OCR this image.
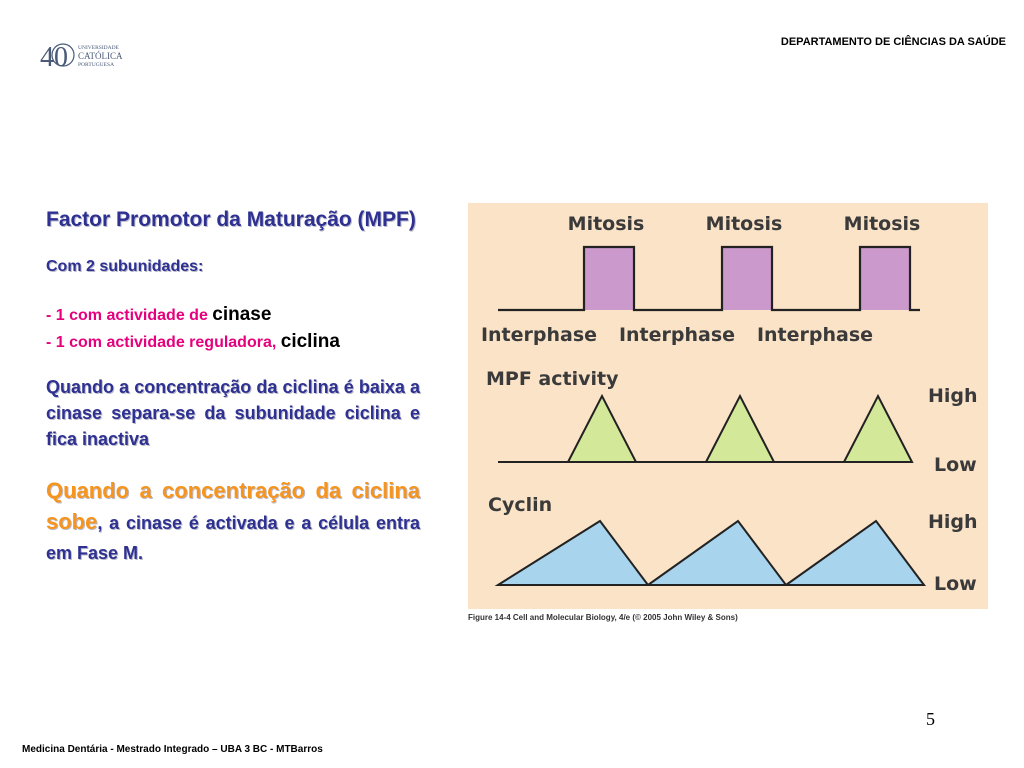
40 UNIVERSIDADE
CATÓLICA
PORTUGUESA
DEPARTAMENTO DE CIÊNCIAS DA SAÚDE
Factor Promotor da Maturação (MPF)
Com 2 subunidades:
- 1 com actividade de cinase
- 1 com actividade reguladora, ciclina
Quando a concentração da ciclina é baixa a cinase separa-se da subunidade ciclina e fica inactiva
Quando a concentração da ciclina sobe, a cinase é activada e a célula entra em Fase M.
Mitosis	Mitosis	Mitosis
Interphase Interphase Interphase
MPF activity
High
Low
Cyclin
High
Low
Figure 14-4 Cell and Molecular Biology, 4/e (© 2005 John Wiley & Sons)
5
Medicina Dentária - Mestrado Integrado – UBA 3 BC - MTBarros
